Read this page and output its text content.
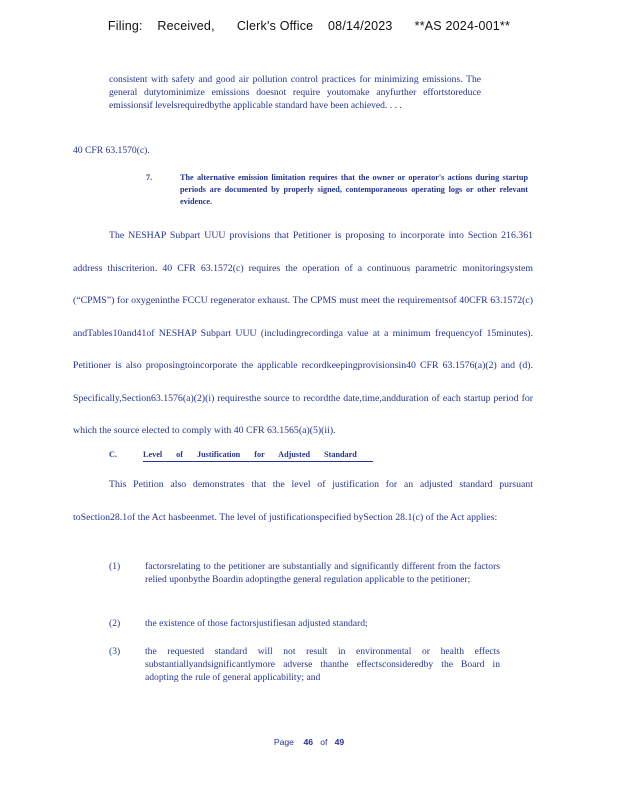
Filing: Received, Clerk's Office 08/14/2023 **AS 2024-001**
consistent with safety and good air pollution control practices for minimizing emissions. The general dutytominimize emissions doesnot require youtomake anyfurther effortstoreduce emissionsif levelsrequiredbythe applicable standard have been achieved. . . .
40 CFR 63.1570(c).
7.	The alternative emission limitation requires that the owner or operator's actions during startup periods are documented by properly signed, contemporaneous operating logs or other relevant evidence.
The NESHAP Subpart UUU provisions that Petitioner is proposing to incorporate into Section 216.361 address thiscriterion. 40 CFR 63.1572(c) requires the operation of a continuous parametric monitoringsystem (“CPMS”) for oxygeninthe FCCU regenerator exhaust. The CPMS must meet the requirementsof 40CFR 63.1572(c) andTables10and41of NESHAP Subpart UUU (includingrecordinga value at a minimum frequencyof 15minutes). Petitioner is also proposingtoincorporate the applicable recordkeepingprovisionsin40 CFR 63.1576(a)(2) and (d). Specifically,Section63.1576(a)(2)(i) requiresthe source to recordthe date,time,andduration of each startup period for which the source elected to comply with 40 CFR 63.1565(a)(5)(ii).
C.	Level of Justification for Adjusted Standard
This Petition also demonstrates that the level of justification for an adjusted standard pursuant toSection28.1of the Act hasbeenmet. The level of justificationspecified bySection 28.1(c) of the Act applies:
(1)	factorsrelating to the petitioner are substantially and significantly different from the factors relied uponbythe Boardin adoptingthe general regulation applicable to the petitioner;
(2)	the existence of those factorsjustifiesan adjusted standard;
(3)	the requested standard will not result in environmental or health effects substantiallyandsignificantlymore adverse thanthe effectsconsideredby the Board in adopting the rule of general applicability; and
Page 46 of 49
